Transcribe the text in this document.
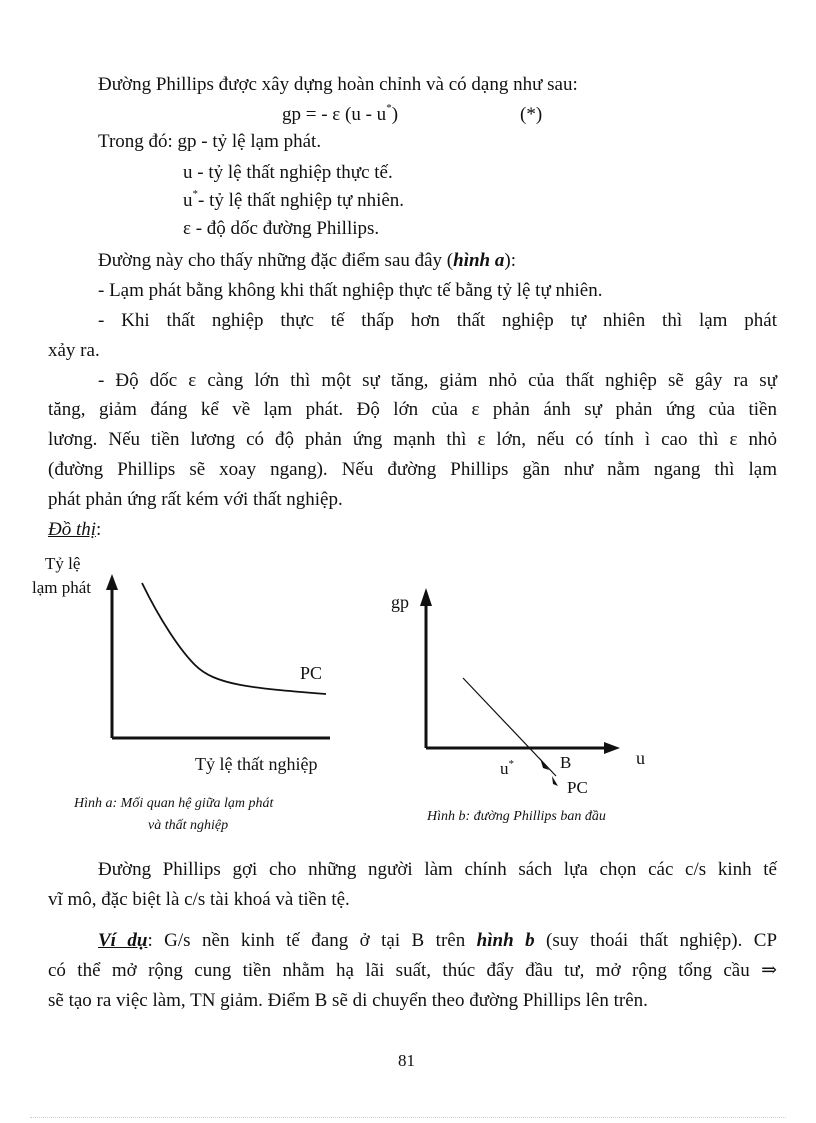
Đường Phillips được xây dựng hoàn chỉnh và có dạng như sau:
gp = - ε (u - u*)	(*)
Trong đó: gp - tỷ lệ lạm phát.
u - tỷ lệ thất nghiệp thực tế.
u*- tỷ lệ thất nghiệp tự nhiên.
ε - độ dốc đường Phillips.
Đường này cho thấy những đặc điểm sau đây (hình a):
- Lạm phát bằng không khi thất nghiệp thực tế bằng tỷ lệ tự nhiên.
- Khi thất nghiệp thực tế thấp hơn thất nghiệp tự nhiên thì lạm phát
xảy ra.
- Độ dốc ε càng lớn thì một sự tăng, giảm nhỏ của thất nghiệp sẽ gây ra sự
tăng, giảm đáng kể về lạm phát. Độ lớn của ε phản ánh sự phản ứng của tiền
lương. Nếu tiền lương có độ phản ứng mạnh thì ε lớn, nếu có tính ì cao thì ε nhỏ
(đường Phillips sẽ xoay ngang). Nếu đường Phillips gần như nằm ngang thì lạm
phát phản ứng rất kém với thất nghiệp.
Đồ thị:
Tỷ lệ
lạm phát
PC
Tỷ lệ thất nghiệp
Hình a: Mối quan hệ giữa lạm phát
và thất nghiệp
gp
u
u*	B
PC
Hình b: đường Phillips ban đầu
Đường Phillips gợi cho những người làm chính sách lựa chọn các c/s kinh tế
vĩ mô, đặc biệt là c/s tài khoá và tiền tệ.
Ví dụ: G/s nền kinh tế đang ở tại B trên hình b (suy thoái thất nghiệp). CP
có thể mở rộng cung tiền nhằm hạ lãi suất, thúc đẩy đầu tư, mở rộng tổng cầu ⇒
sẽ tạo ra việc làm, TN giảm. Điểm B sẽ di chuyển theo đường Phillips lên trên.
81
